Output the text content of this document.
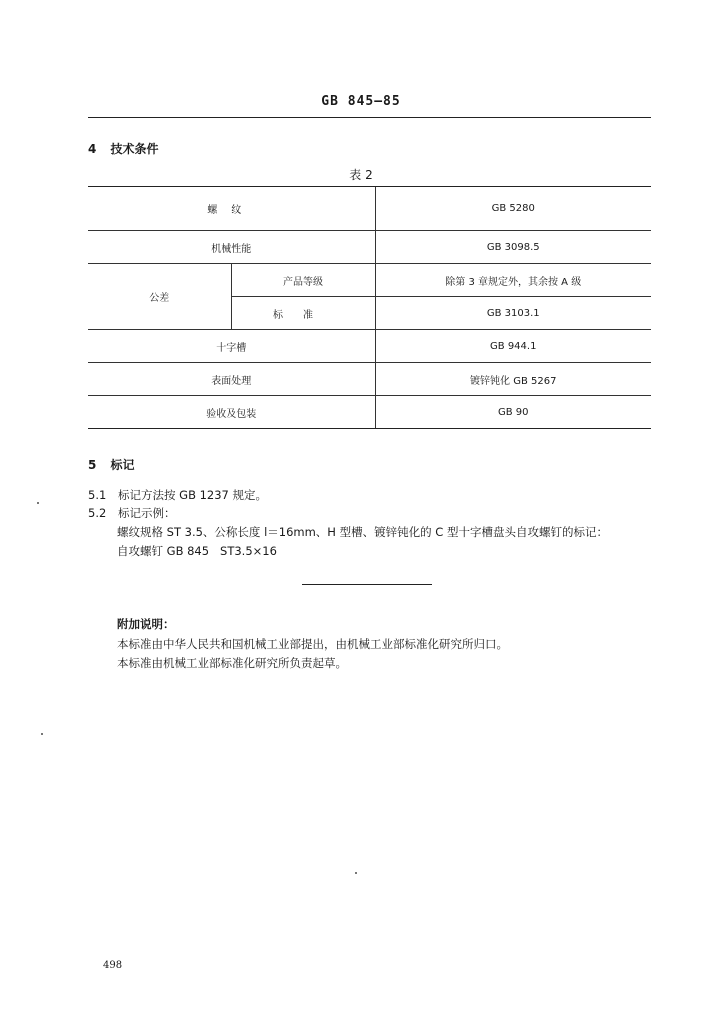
GB 845—85
4 技术条件
表 2
螺纹		GB 5280
机械性能		GB 3098.5
公差	产品等级	除第 3 章规定外，其余按 A 级
	标准	GB 3103.1
十字槽		GB 944.1
表面处理		镀锌钝化 GB 5267
验收及包装		GB 90
5 标记
5.1 标记方法按 GB 1237 规定。
5.2 标记示例：
螺纹规格 ST 3.5、公称长度 l＝16mm、H 型槽、镀锌钝化的 C 型十字槽盘头自攻螺钉的标记：
自攻螺钉 GB 845   ST3.5×16
附加说明：
本标准由中华人民共和国机械工业部提出，由机械工业部标准化研究所归口。
本标准由机械工业部标准化研究所负责起草。
498
